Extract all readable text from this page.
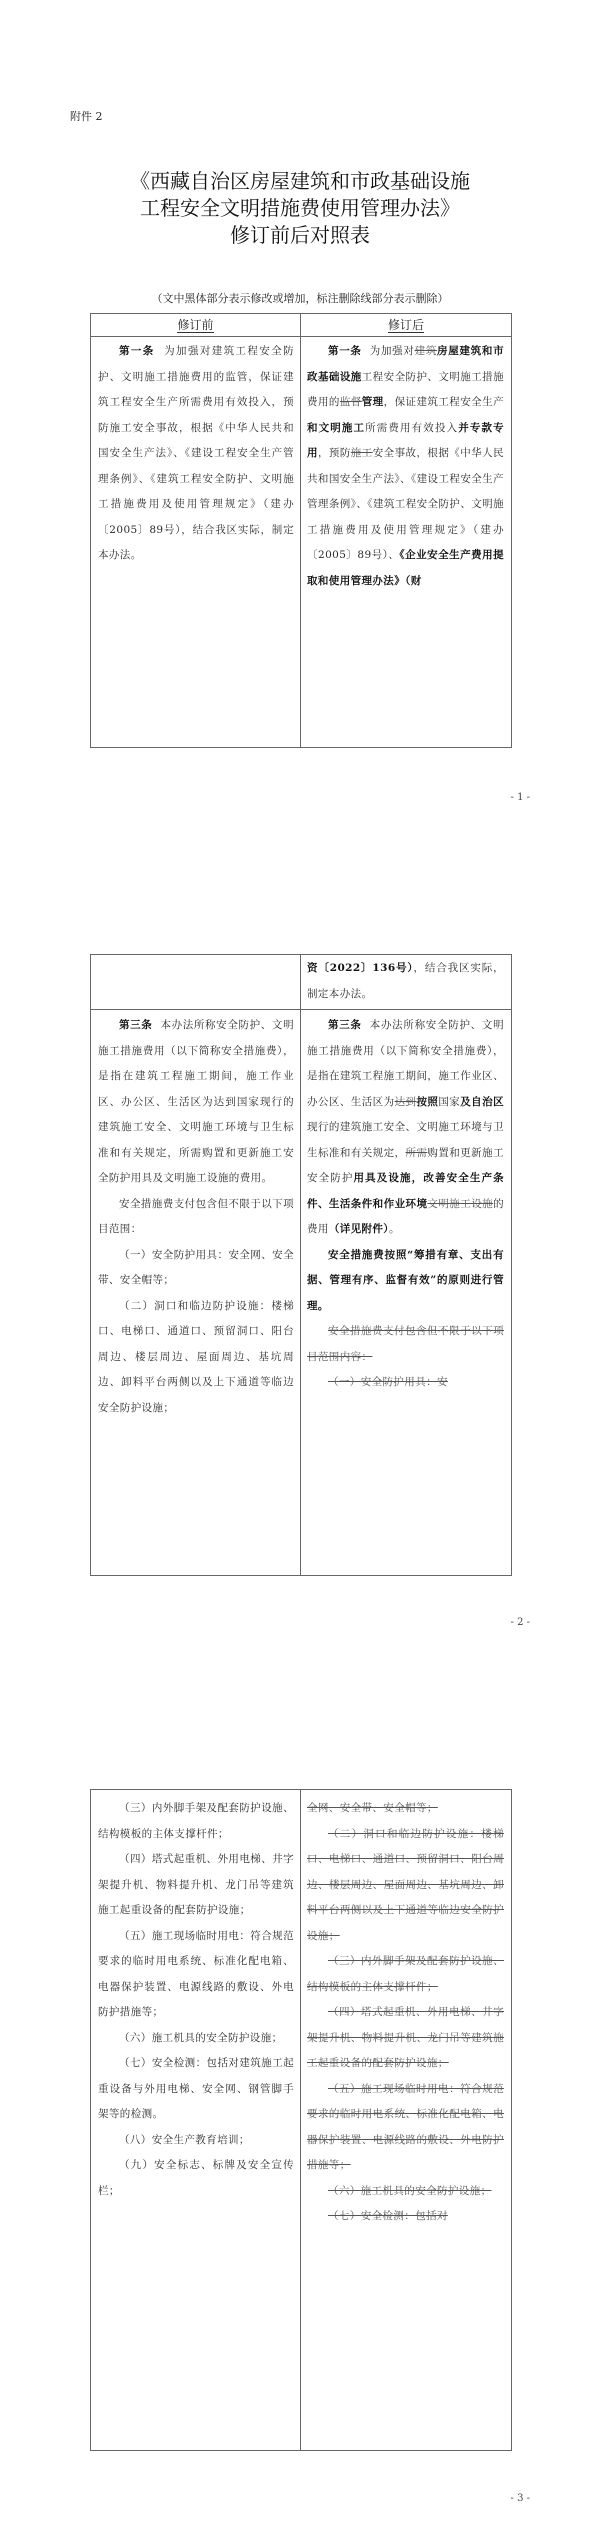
附件 2
《西藏自治区房屋建筑和市政基础设施
工程安全文明措施费使用管理办法》
修订前后对照表
（文中黑体部分表示修改或增加，标注删除线部分表示删除）
修订前	修订后

第一条 为加强对建筑工程安全防护、文明施工措施费用的监管，保证建筑工程安全生产所需费用有效投入，预防施工安全事故，根据《中华人民共和国安全生产法》、《建设工程安全生产管理条例》、《建筑工程安全防护、文明施工措施费用及使用管理规定》（建办〔2005〕89号），结合我区实际，制定本办法。

第一条 为加强对建筑房屋建筑和市政基础设施工程安全防护、文明施工措施费用的监督管理，保证建筑工程安全生产和文明施工所需费用有效投入并专款专用，预防施工安全事故，根据《中华人民共和国安全生产法》、《建设工程安全生产管理条例》、《建筑工程安全防护、文明施工措施费用及使用管理规定》（建办〔2005〕89号）、《企业安全生产费用提取和使用管理办法》（财

- 1 -

资〔2022〕136号），结合我区实际，制定本办法。

第三条 本办法所称安全防护、文明施工措施费用（以下简称安全措施费），是指在建筑工程施工期间，施工作业区、办公区、生活区为达到国家现行的建筑施工安全、文明施工环境与卫生标准和有关规定，所需购置和更新施工安全防护用具及文明施工设施的费用。

安全措施费支付包含但不限于以下项目范围：

（一）安全防护用具：安全网、安全带、安全帽等；

（二）洞口和临边防护设施：楼梯口、电梯口、通道口、预留洞口、阳台周边、楼层周边、屋面周边、基坑周边、卸料平台两侧以及上下通道等临边安全防护设施；

第三条 本办法所称安全防护、文明施工措施费用（以下简称安全措施费），是指在建筑工程施工期间，施工作业区、办公区、生活区为达到按照国家及自治区现行的建筑施工安全、文明施工环境与卫生标准和有关规定，所需购置和更新施工安全防护用具及设施，改善安全生产条件、生活条件和作业环境文明施工设施的费用（详见附件）。

安全措施费按照“筹措有章、支出有据、管理有序、监督有效”的原则进行管理。

安全措施费支付包含但不限于以下项目范围内容：

（一）安全防护用具：安

- 2 -

（三）内外脚手架及配套防护设施、结构模板的主体支撑杆件；

（四）塔式起重机、外用电梯、井字架提升机、物料提升机、龙门吊等建筑施工起重设备的配套防护设施；

（五）施工现场临时用电：符合规范要求的临时用电系统、标准化配电箱、电器保护装置、电源线路的敷设、外电防护措施等；

（六）施工机具的安全防护设施；

（七）安全检测：包括对建筑施工起重设备与外用电梯、安全网、钢管脚手架等的检测。

（八）安全生产教育培训；

（九）安全标志、标牌及安全宣传栏；

全网、安全带、安全帽等；

（二）洞口和临边防护设施：楼梯口、电梯口、通道口、预留洞口、阳台周边、楼层周边、屋面周边、基坑周边、卸料平台两侧以及上下通道等临边安全防护设施；

（三）内外脚手架及配套防护设施、结构模板的主体支撑杆件；

（四）塔式起重机、外用电梯、井字架提升机、物料提升机、龙门吊等建筑施工起重设备的配套防护设施；

（五）施工现场临时用电：符合规范要求的临时用电系统、标准化配电箱、电器保护装置、电源线路的敷设、外电防护措施等；

（六）施工机具的安全防护设施；

（七）安全检测：包括对

- 3 -
